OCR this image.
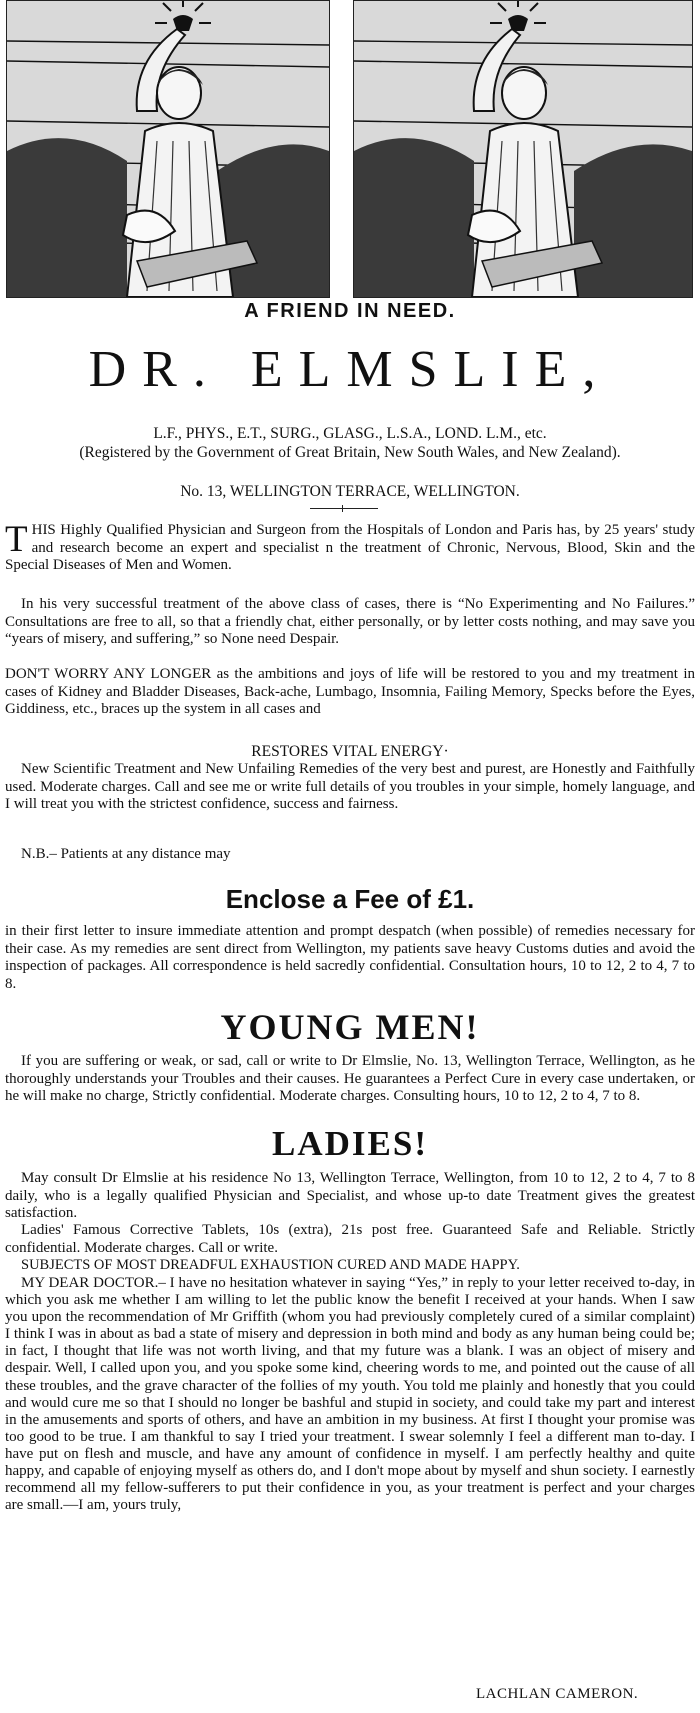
A FRIEND IN NEED.
DR. ELMSLIE,
L.F., PHYS., E.T., SURG., GLASG., L.S.A., LOND. L.M., etc.
(Registered by the Government of Great Britain, New South Wales, and New Zealand).
No. 13, WELLINGTON TERRACE, WELLINGTON.
THIS Highly Qualified Physician and Surgeon from the Hospitals of London and Paris has, by 25 years' study and research become an expert and specialist n the treatment of Chronic, Nervous, Blood, Skin and the Special Diseases of Men and Women.
In his very successful treatment of the above class of cases, there is “No Experimenting and No Failures.” Consultations are free to all, so that a friendly chat, either personally, or by letter costs nothing, and may save you “years of misery, and suffering,” so None need Despair.
DON'T WORRY ANY LONGER as the ambitions and joys of life will be restored to you and my treatment in cases of Kidney and Bladder Diseases, Back-ache, Lumbago, Insomnia, Failing Memory, Specks before the Eyes, Giddiness, etc., braces up the system in all cases and
RESTORES VITAL ENERGY·
New Scientific Treatment and New Unfailing Remedies of the very best and purest, are Honestly and Faithfully used. Moderate charges. Call and see me or write full details of you troubles in your simple, homely language, and I will treat you with the strictest confidence, success and fairness.
N.B.– Patients at any distance may
Enclose a Fee of £1.
in their first letter to insure immediate attention and prompt despatch (when possible) of remedies necessary for their case. As my remedies are sent direct from Wellington, my patients save heavy Customs duties and avoid the inspection of packages. All correspondence is held sacredly confidential. Consultation hours, 10 to 12, 2 to 4, 7 to 8.
YOUNG MEN!
If you are suffering or weak, or sad, call or write to Dr Elmslie, No. 13, Wellington Terrace, Wellington, as he thoroughly understands your Troubles and their causes. He guarantees a Perfect Cure in every case undertaken, or he will make no charge, Strictly confidential. Moderate charges. Consulting hours, 10 to 12, 2 to 4, 7 to 8.
LADIES!
May consult Dr Elmslie at his residence No 13, Wellington Terrace, Wellington, from 10 to 12, 2 to 4, 7 to 8 daily, who is a legally qualified Physician and Specialist, and whose up-to date Treatment gives the greatest satisfaction.
Ladies' Famous Corrective Tablets, 10s (extra), 21s post free. Guaranteed Safe and Reliable. Strictly confidential. Moderate charges. Call or write.
SUBJECTS OF MOST DREADFUL EXHAUSTION CURED AND MADE HAPPY.
MY DEAR DOCTOR.– I have no hesitation whatever in saying “Yes,” in reply to your letter received to-day, in which you ask me whether I am willing to let the public know the benefit I received at your hands. When I saw you upon the recommendation of Mr Griffith (whom you had previously completely cured of a similar complaint) I think I was in about as bad a state of misery and depression in both mind and body as any human being could be; in fact, I thought that life was not worth living, and that my future was a blank. I was an object of misery and despair. Well, I called upon you, and you spoke some kind, cheering words to me, and pointed out the cause of all these troubles, and the grave character of the follies of my youth. You told me plainly and honestly that you could and would cure me so that I should no longer be bashful and stupid in society, and could take my part and interest in the amusements and sports of others, and have an ambition in my business. At first I thought your promise was too good to be true. I am thankful to say I tried your treatment. I swear solemnly I feel a different man to-day. I have put on flesh and muscle, and have any amount of confidence in myself. I am perfectly healthy and quite happy, and capable of enjoying myself as others do, and I don't mope about by myself and shun society. I earnestly recommend all my fellow-sufferers to put their confidence in you, as your treatment is perfect and your charges are small.—I am, yours truly,
LACHLAN CAMERON.
